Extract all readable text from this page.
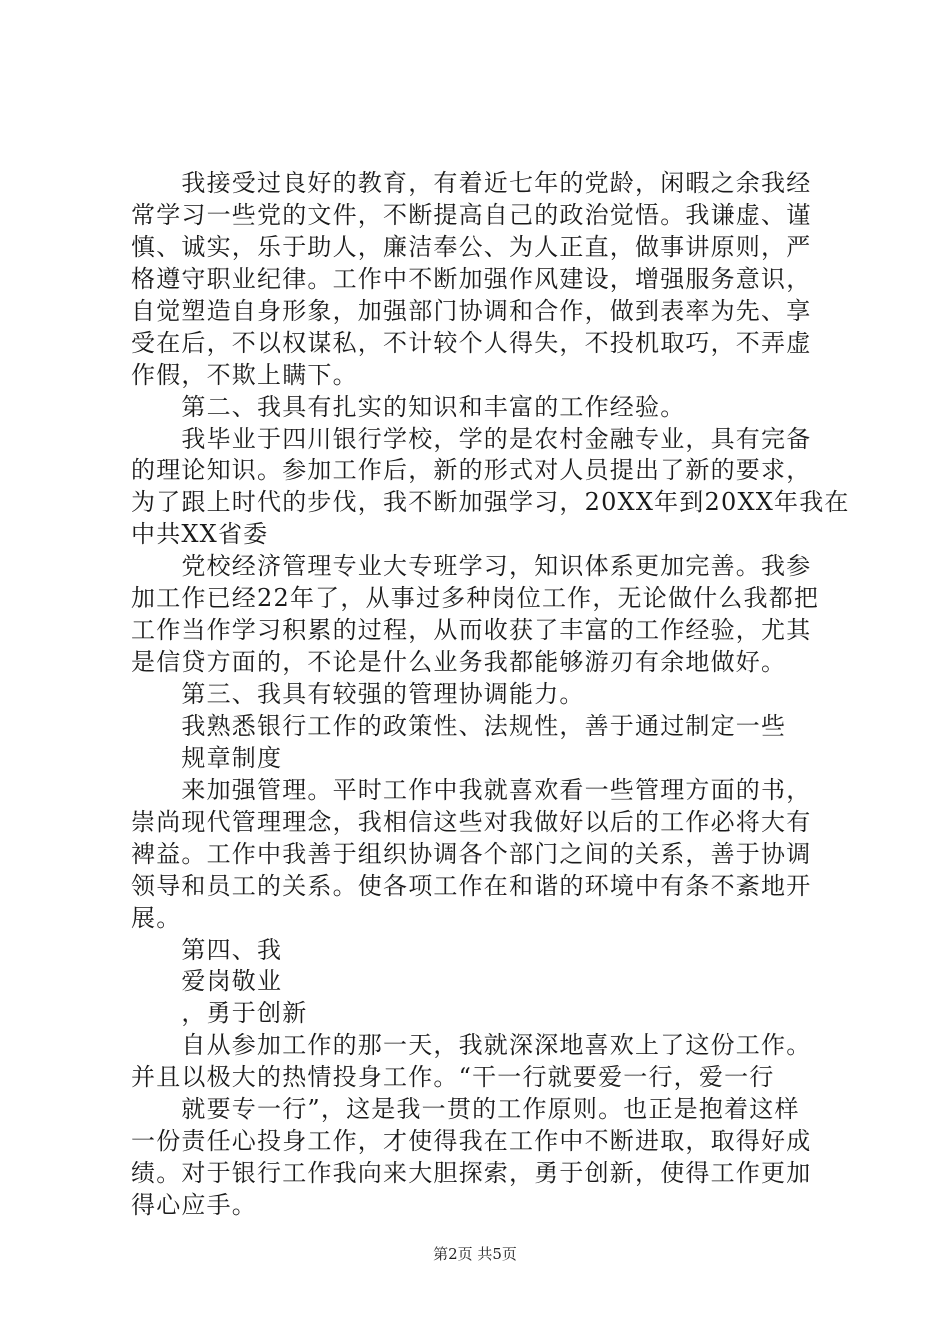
　　我接受过良好的教育，有着近七年的党龄，闲暇之余我经
常学习一些党的文件，不断提高自己的政治觉悟。我谦虚、谨
慎、诚实，乐于助人，廉洁奉公、为人正直，做事讲原则，严
格遵守职业纪律。工作中不断加强作风建设，增强服务意识，
自觉塑造自身形象，加强部门协调和合作，做到表率为先、享
受在后，不以权谋私，不计较个人得失，不投机取巧，不弄虚
作假，不欺上瞒下。
　　第二、我具有扎实的知识和丰富的工作经验。
　　我毕业于四川银行学校，学的是农村金融专业，具有完备
的理论知识。参加工作后，新的形式对人员提出了新的要求，
为了跟上时代的步伐，我不断加强学习，20XX年到20XX年我在
中共XX省委
　　党校经济管理专业大专班学习，知识体系更加完善。我参
加工作已经22年了，从事过多种岗位工作，无论做什么我都把
工作当作学习积累的过程，从而收获了丰富的工作经验，尤其
是信贷方面的，不论是什么业务我都能够游刃有余地做好。
　　第三、我具有较强的管理协调能力。
　　我熟悉银行工作的政策性、法规性，善于通过制定一些
　　规章制度
　　来加强管理。平时工作中我就喜欢看一些管理方面的书，
崇尚现代管理理念，我相信这些对我做好以后的工作必将大有
裨益。工作中我善于组织协调各个部门之间的关系，善于协调
领导和员工的关系。使各项工作在和谐的环境中有条不紊地开
展。
　　第四、我
　　爱岗敬业
　　，勇于创新
第2页 共5页
　　自从参加工作的那一天，我就深深地喜欢上了这份工作。
并且以极大的热情投身工作。“干一行就要爱一行，爱一行
　　就要专一行”，这是我一贯的工作原则。也正是抱着这样
一份责任心投身工作，才使得我在工作中不断进取，取得好成
绩。对于银行工作我向来大胆探索，勇于创新，使得工作更加
得心应手。
